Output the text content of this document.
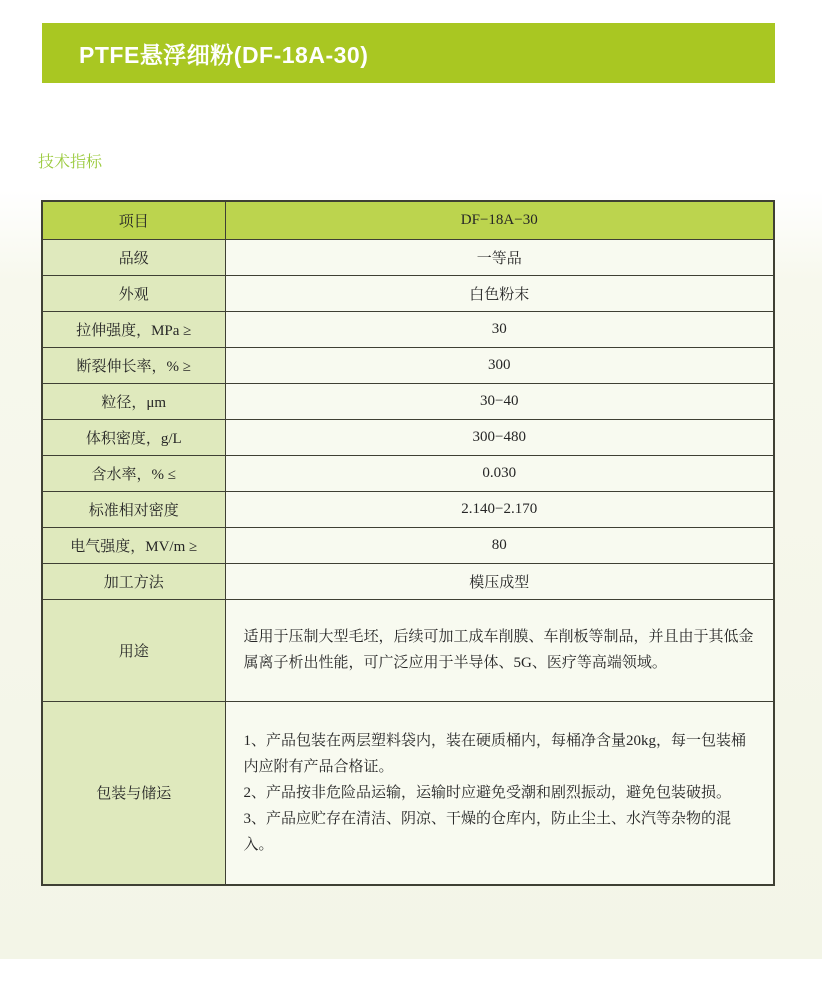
PTFE悬浮细粉(DF-18A-30)
技术指标
项目	DF−18A−30
品级	一等品
外观	白色粉末
拉伸强度，MPa ≥	30
断裂伸长率，% ≥	300
粒径，μm	30−40
体积密度，g/L	300−480
含水率，% ≤	0.030
标准相对密度	2.140−2.170
电气强度，MV/m ≥	80
加工方法	模压成型
用途	适用于压制大型毛坯，后续可加工成车削膜、车削板等制品，并且由于其低金属离子析出性能，可广泛应用于半导体、5G、医疗等高端领域。
包装与储运	1、产品包装在两层塑料袋内，装在硬质桶内，每桶净含量20kg，每一包装桶内应附有产品合格证。
2、产品按非危险品运输，运输时应避免受潮和剧烈振动，避免包装破损。
3、产品应贮存在清洁、阴凉、干燥的仓库内，防止尘土、水汽等杂物的混入。
